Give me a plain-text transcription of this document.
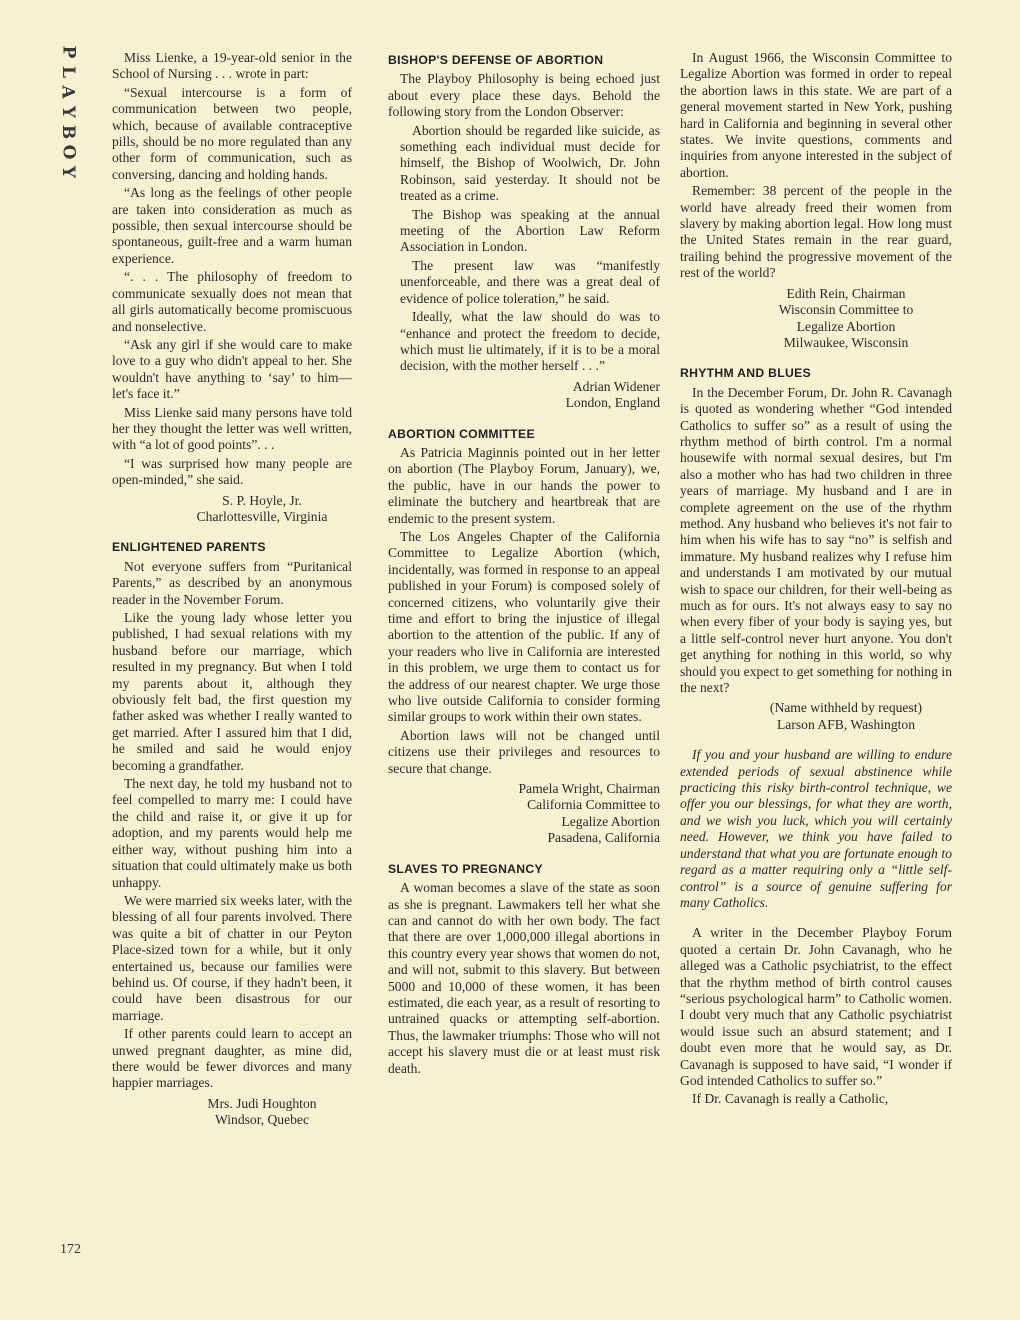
P
L
A
Y
B
O
Y

Miss Lienke, a 19-year-old senior in the School of Nursing . . . wrote in part:

“Sexual intercourse is a form of communication between two people, which, because of available contraceptive pills, should be no more regulated than any other form of communication, such as conversing, dancing and holding hands.

“As long as the feelings of other people are taken into consideration as much as possible, then sexual intercourse should be spontaneous, guilt-free and a warm human experience.

“. . . The philosophy of freedom to communicate sexually does not mean that all girls automatically become promiscuous and nonselective.

“Ask any girl if she would care to make love to a guy who didn't appeal to her. She wouldn't have anything to ‘say’ to him—let's face it.”

Miss Lienke said many persons have told her they thought the letter was well written, with “a lot of good points”. . .

“I was surprised how many people are open-minded,” she said.

S. P. Hoyle, Jr.
Charlottesville, Virginia
ENLIGHTENED PARENTS

Not everyone suffers from “Puritanical Parents,” as described by an anonymous reader in the November Forum.

Like the young lady whose letter you published, I had sexual relations with my husband before our marriage, which resulted in my pregnancy. But when I told my parents about it, although they obviously felt bad, the first question my father asked was whether I really wanted to get married. After I assured him that I did, he smiled and said he would enjoy becoming a grandfather.

The next day, he told my husband not to feel compelled to marry me: I could have the child and raise it, or give it up for adoption, and my parents would help me either way, without pushing him into a situation that could ultimately make us both unhappy.

We were married six weeks later, with the blessing of all four parents involved. There was quite a bit of chatter in our Peyton Place-sized town for a while, but it only entertained us, because our families were behind us. Of course, if they hadn't been, it could have been disastrous for our marriage.

If other parents could learn to accept an unwed pregnant daughter, as mine did, there would be fewer divorces and many happier marriages.

Mrs. Judi Houghton
Windsor, Quebec
BISHOP'S DEFENSE OF ABORTION

The Playboy Philosophy is being echoed just about every place these days. Behold the following story from the London Observer:

Abortion should be regarded like suicide, as something each individual must decide for himself, the Bishop of Woolwich, Dr. John Robinson, said yesterday. It should not be treated as a crime.

The Bishop was speaking at the annual meeting of the Abortion Law Reform Association in London.

The present law was “manifestly unenforceable, and there was a great deal of evidence of police toleration,” he said.

Ideally, what the law should do was to “enhance and protect the freedom to decide, which must lie ultimately, if it is to be a moral decision, with the mother herself . . .”

Adrian Widener
London, England
ABORTION COMMITTEE

As Patricia Maginnis pointed out in her letter on abortion (The Playboy Forum, January), we, the public, have in our hands the power to eliminate the butchery and heartbreak that are endemic to the present system.

The Los Angeles Chapter of the California Committee to Legalize Abortion (which, incidentally, was formed in response to an appeal published in your Forum) is composed solely of concerned citizens, who voluntarily give their time and effort to bring the injustice of illegal abortion to the attention of the public. If any of your readers who live in California are interested in this problem, we urge them to contact us for the address of our nearest chapter. We urge those who live outside California to consider forming similar groups to work within their own states.

Abortion laws will not be changed until citizens use their privileges and resources to secure that change.

Pamela Wright, Chairman
California Committee to
Legalize Abortion
Pasadena, California
SLAVES TO PREGNANCY

A woman becomes a slave of the state as soon as she is pregnant. Lawmakers tell her what she can and cannot do with her own body. The fact that there are over 1,000,000 illegal abortions in this country every year shows that women do not, and will not, submit to this slavery. But between 5000 and 10,000 of these women, it has been estimated, die each year, as a result of resorting to untrained quacks or attempting self-abortion. Thus, the lawmaker triumphs: Those who will not accept his slavery must die or at least must risk death.

In August 1966, the Wisconsin Committee to Legalize Abortion was formed in order to repeal the abortion laws in this state. We are part of a general movement started in New York, pushing hard in California and beginning in several other states. We invite questions, comments and inquiries from anyone interested in the subject of abortion.

Remember: 38 percent of the people in the world have already freed their women from slavery by making abortion legal. How long must the United States remain in the rear guard, trailing behind the progressive movement of the rest of the world?

Edith Rein, Chairman
Wisconsin Committee to
Legalize Abortion
Milwaukee, Wisconsin
RHYTHM AND BLUES

In the December Forum, Dr. John R. Cavanagh is quoted as wondering whether “God intended Catholics to suffer so” as a result of using the rhythm method of birth control. I'm a normal housewife with normal sexual desires, but I'm also a mother who has had two children in three years of marriage. My husband and I are in complete agreement on the use of the rhythm method. Any husband who believes it's not fair to him when his wife has to say “no” is selfish and immature. My husband realizes why I refuse him and understands I am motivated by our mutual wish to space our children, for their well-being as much as for ours. It's not always easy to say no when every fiber of your body is saying yes, but a little self-control never hurt anyone. You don't get anything for nothing in this world, so why should you expect to get something for nothing in the next?

(Name withheld by request)
Larson AFB, Washington

If you and your husband are willing to endure extended periods of sexual abstinence while practicing this risky birth-control technique, we offer you our blessings, for what they are worth, and we wish you luck, which you will certainly need. However, we think you have failed to understand that what you are fortunate enough to regard as a matter requiring only a “little self-control” is a source of genuine suffering for many Catholics.

A writer in the December Playboy Forum quoted a certain Dr. John Cavanagh, who he alleged was a Catholic psychiatrist, to the effect that the rhythm method of birth control causes “serious psychological harm” to Catholic women. I doubt very much that any Catholic psychiatrist would issue such an absurd statement; and I doubt even more that he would say, as Dr. Cavanagh is supposed to have said, “I wonder if God intended Catholics to suffer so.”

If Dr. Cavanagh is really a Catholic,

172
